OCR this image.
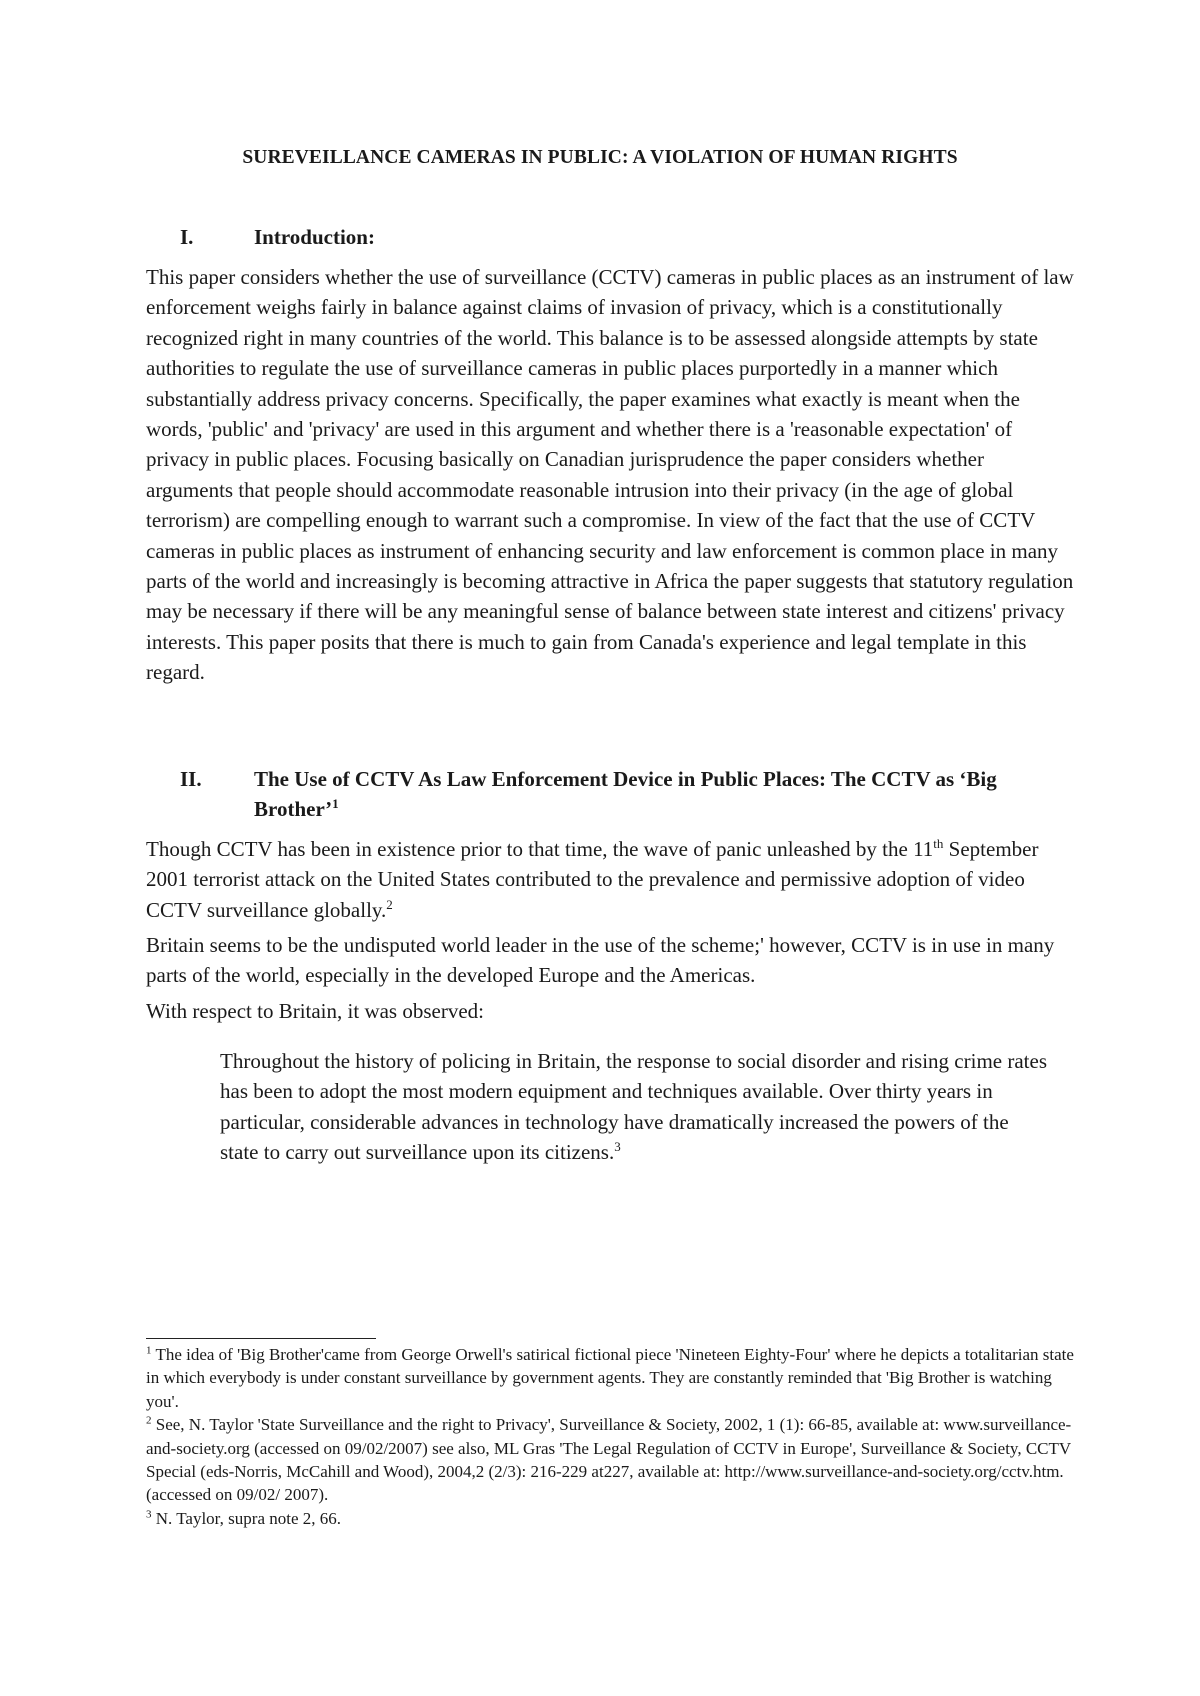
SUREVEILLANCE CAMERAS IN PUBLIC: A VIOLATION OF HUMAN RIGHTS
I.	Introduction:

This paper considers whether the use of surveillance (CCTV) cameras in public places as an instrument of law enforcement weighs fairly in balance against claims of invasion of privacy, which is a constitutionally recognized right in many countries of the world. This balance is to be assessed alongside attempts by state authorities to regulate the use of surveillance cameras in public places purportedly in a manner which substantially address privacy concerns. Specifically, the paper examines what exactly is meant when the words, 'public' and 'privacy' are used in this argument and whether there is a 'reasonable expectation' of privacy in public places. Focusing basically on Canadian jurisprudence the paper considers whether arguments that people should accommodate reasonable intrusion into their privacy (in the age of global terrorism) are compelling enough to warrant such a compromise. In view of the fact that the use of CCTV cameras in public places as instrument of enhancing security and law enforcement is common place in many parts of the world and increasingly is becoming attractive in Africa the paper suggests that statutory regulation may be necessary if there will be any meaningful sense of balance between state interest and citizens' privacy interests. This paper posits that there is much to gain from Canada's experience and legal template in this regard.

II. The Use of CCTV As Law Enforcement Device in Public Places: The CCTV as ‘Big Brother’$^1$

Though CCTV has been in existence prior to that time, the wave of panic unleashed by the 11th September 2001 terrorist attack on the United States contributed to the prevalence and permissive adoption of video CCTV surveillance globally.$^2$

Britain seems to be the undisputed world leader in the use of the scheme;' however, CCTV is in use in many parts of the world, especially in the developed Europe and the Americas.

With respect to Britain, it was observed:

Throughout the history of policing in Britain, the response to social disorder and rising crime rates has been to adopt the most modern equipment and techniques available. Over thirty years in particular, considerable advances in technology have dramatically increased the powers of the state to carry out surveillance upon its citizens.$^3$

$^1$ The idea of 'Big Brother'came from George Orwell's satirical fictional piece 'Nineteen Eighty-Four' where he depicts a totalitarian state in which everybody is under constant surveillance by government agents. They are constantly reminded that 'Big Brother is watching you'.

$^2$ See, N. Taylor 'State Surveillance and the right to Privacy', Surveillance & Society, 2002, 1 (1): 66-85, available at: www.surveillance-and-society.org (accessed on 09/02/2007) see also, ML Gras 'The Legal Regulation of CCTV in Europe', Surveillance & Society, CCTV Special (eds-Norris, McCahill and Wood), 2004,2 (2/3): 216-229 at227, available at: http://www.surveillance-and-society.org/cctv.htm. (accessed on 09/02/ 2007).

$^3$ N. Taylor, supra note 2, 66.
